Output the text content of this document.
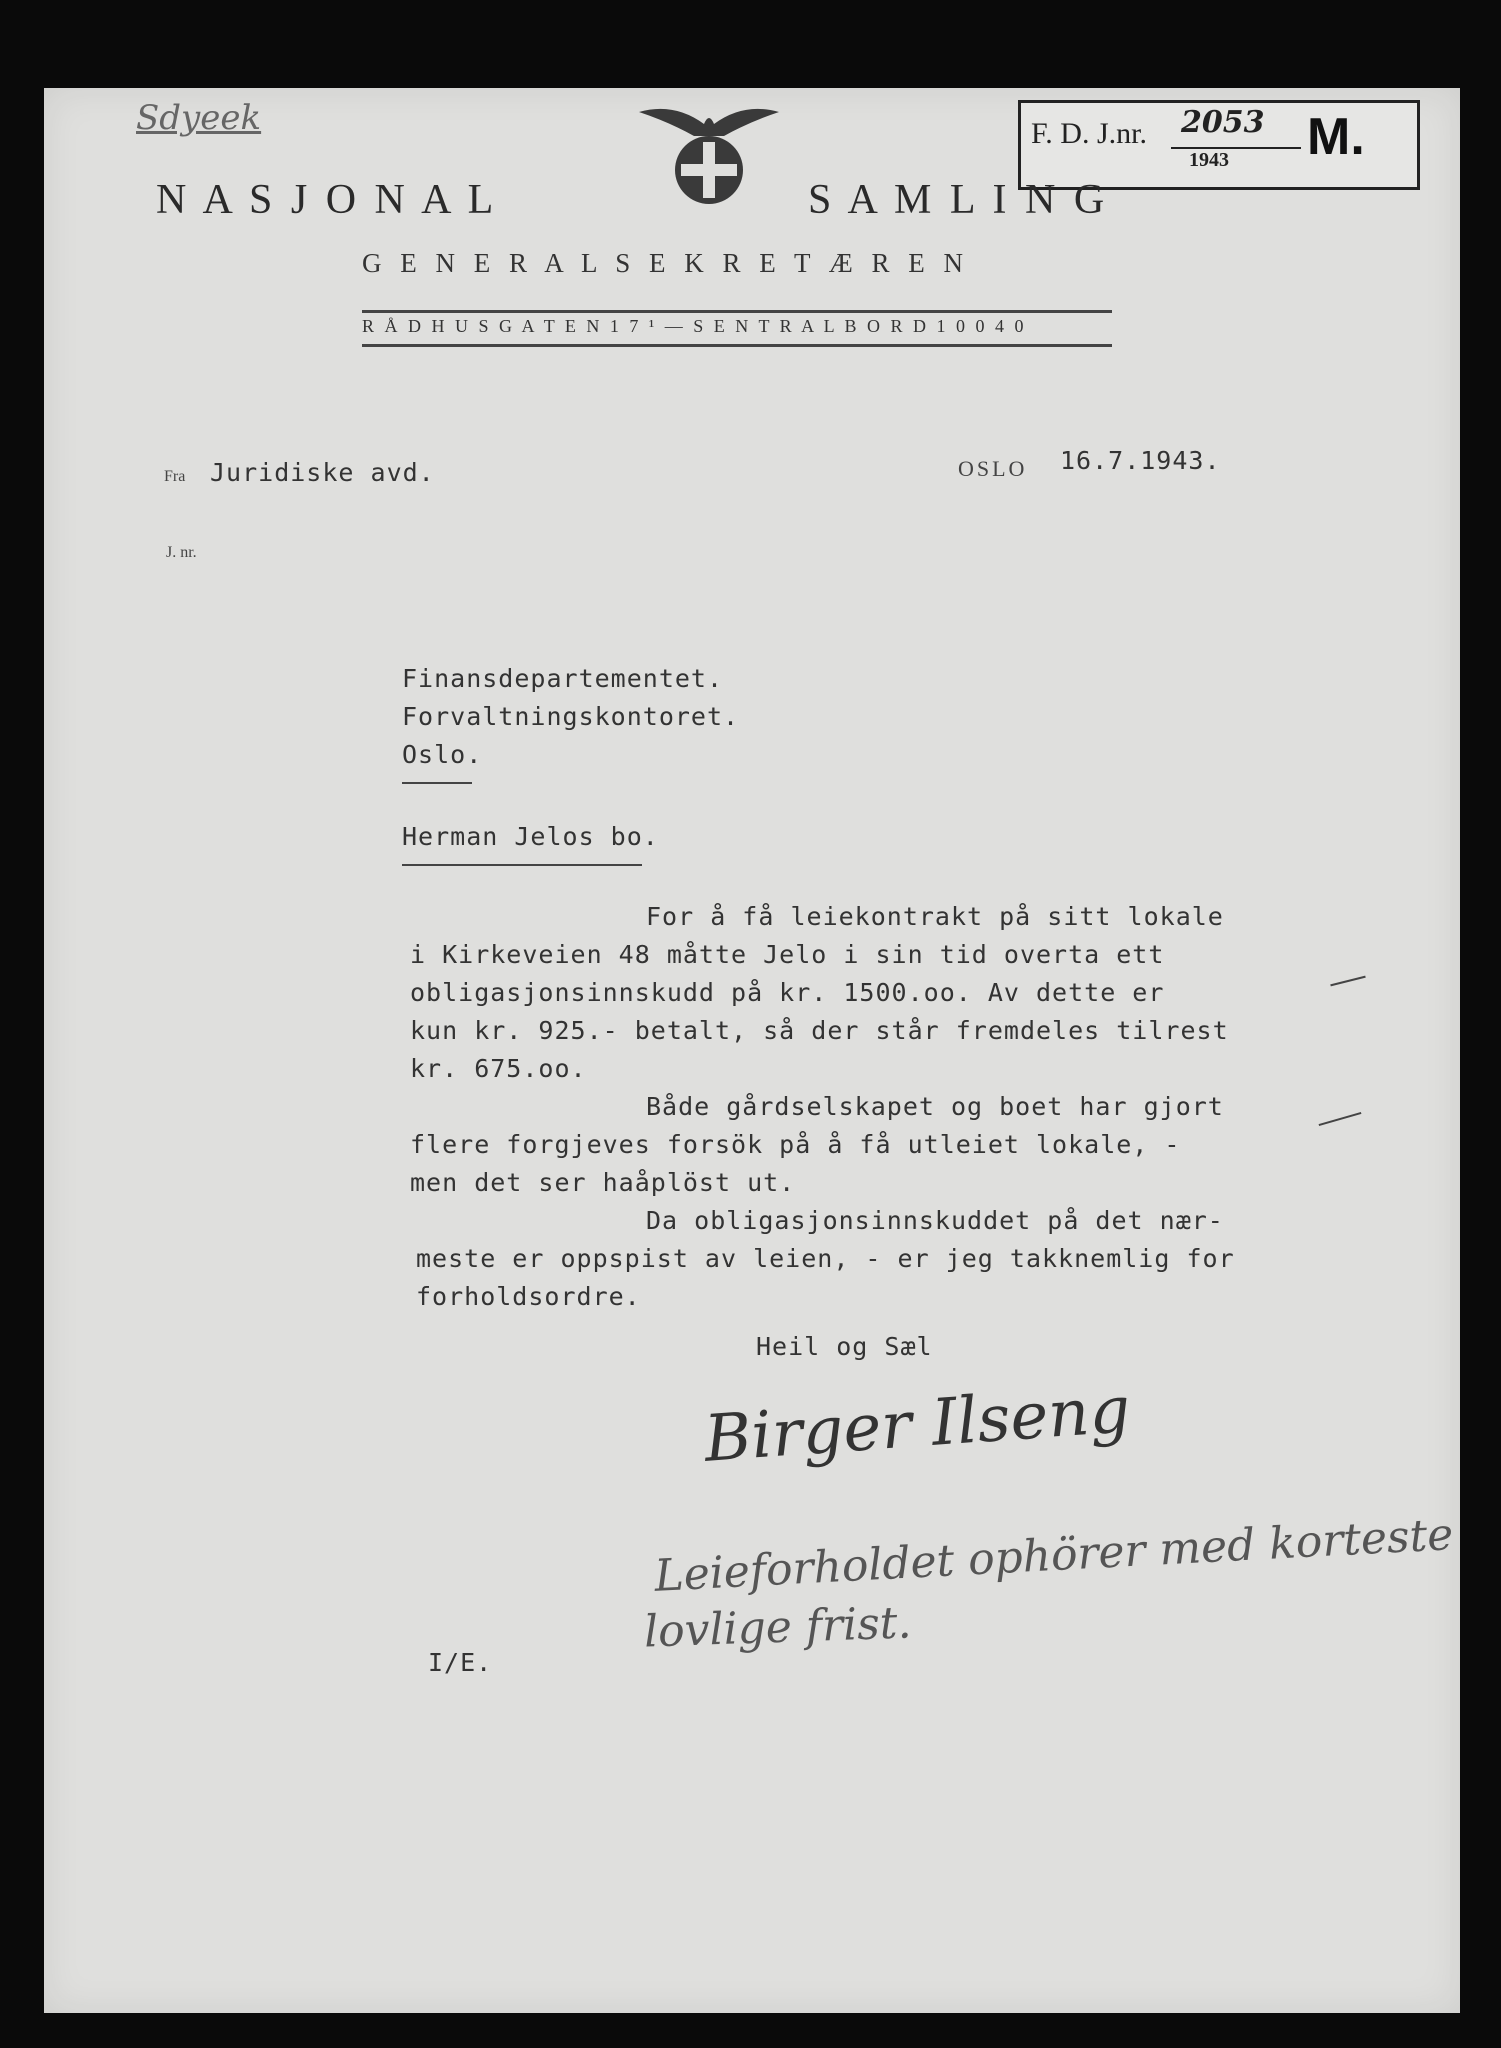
Sdyeek	F. D. J.nr. 2053
1943 M.
N A S J O N A L	S A M L I N G
G E N E R A L S E K R E T Æ R E N
R Å D H U S G A T E N 1 7 ¹ — S E N T R A L B O R D 1 0 0 4 0
Fra Juridiske avd.	OSLO 16.7.1943.
J. nr.
Finansdepartementet.
Forvaltningskontoret.
Oslo.
Herman Jelos bo.
For å få leiekontrakt på sitt lokale
i Kirkeveien 48 måtte Jelo i sin tid overta ett
obligasjonsinnskudd på kr. 1500.oo. Av dette er
kun kr. 925.- betalt, så der står fremdeles tilrest
kr. 675.oo.
Både gårdselskapet og boet har gjort
flere forgjeves forsök på å få utleiet lokale, -
men det ser haåplöst ut.
Da obligasjonsinnskuddet på det nær-
meste er oppspist av leien, - er jeg takknemlig for
forholdsordre.
Heil og Sæl
Birger Ilseng
Leieforholdet ophörer med korteste
lovlige frist.
I/E.
